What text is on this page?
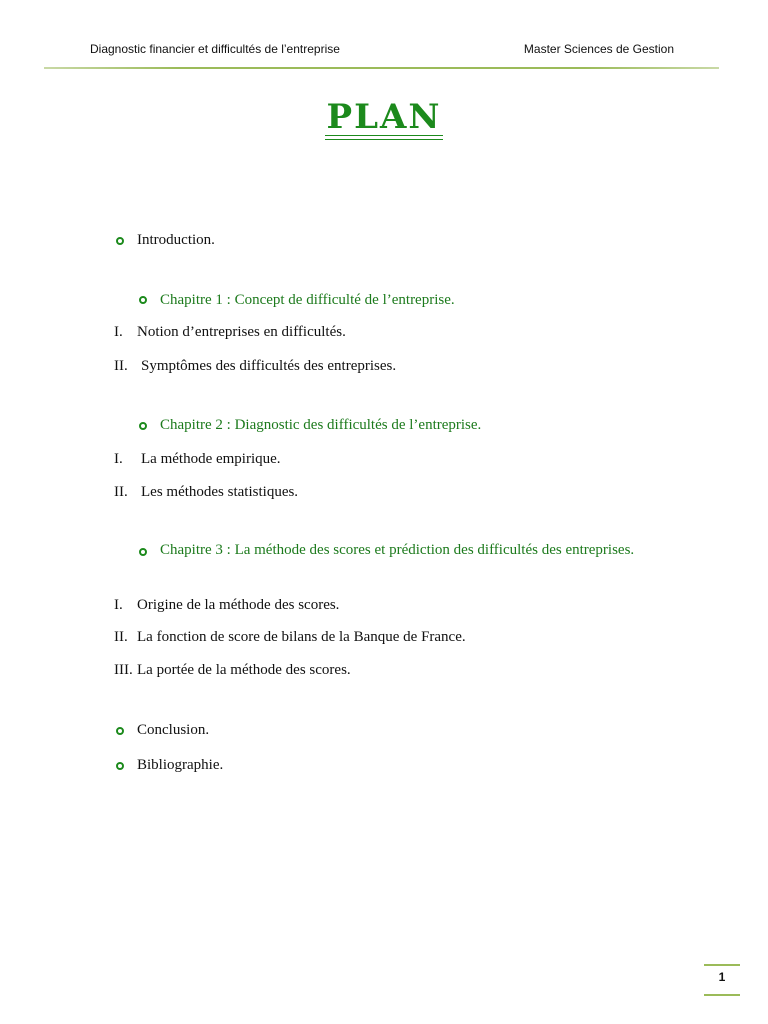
Diagnostic financier et difficultés de l’entreprise	Master Sciences de Gestion
PLAN
Introduction.
Chapitre 1 : Concept de difficulté de l’entreprise.
I. Notion d’entreprises en difficultés.
II. Symptômes des difficultés des entreprises.
Chapitre 2 : Diagnostic des difficultés de l’entreprise.
I. La méthode empirique.
II. Les méthodes statistiques.
Chapitre 3 : La méthode des scores et prédiction des difficultés des entreprises.
I. Origine de la méthode des scores.
II. La fonction de score de bilans de la Banque de France.
III. La portée de la méthode des scores.
Conclusion.
Bibliographie.
1
